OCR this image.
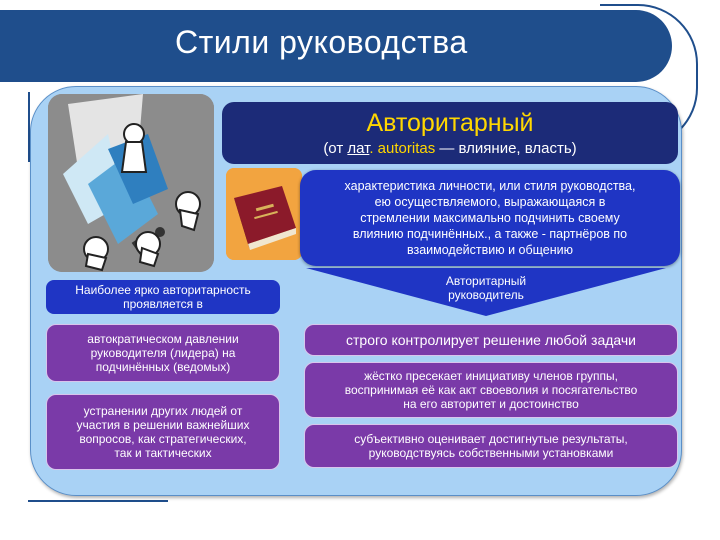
Стили руководства
Авторитарный
(от лат. autoritas — влияние, власть)
характеристика личности, или стиля руководства,
ею осуществляемого, выражающаяся в
стремлении максимально подчинить своему
влиянию подчинённых., а также - партнёров по
взаимодействию и общению
Авторитарный
руководитель
Наиболее ярко авторитарность
проявляется в
автократическом давлении
руководителя (лидера) на
подчинённых (ведомых)
устранении других людей от
участия в решении важнейших
вопросов, как стратегических,
так и тактических
строго контролирует решение любой задачи
жёстко пресекает инициативу членов группы,
воспринимая её как акт своеволия и посягательство
на его авторитет и достоинство
субъективно оценивает достигнутые результаты,
руководствуясь собственными установками
